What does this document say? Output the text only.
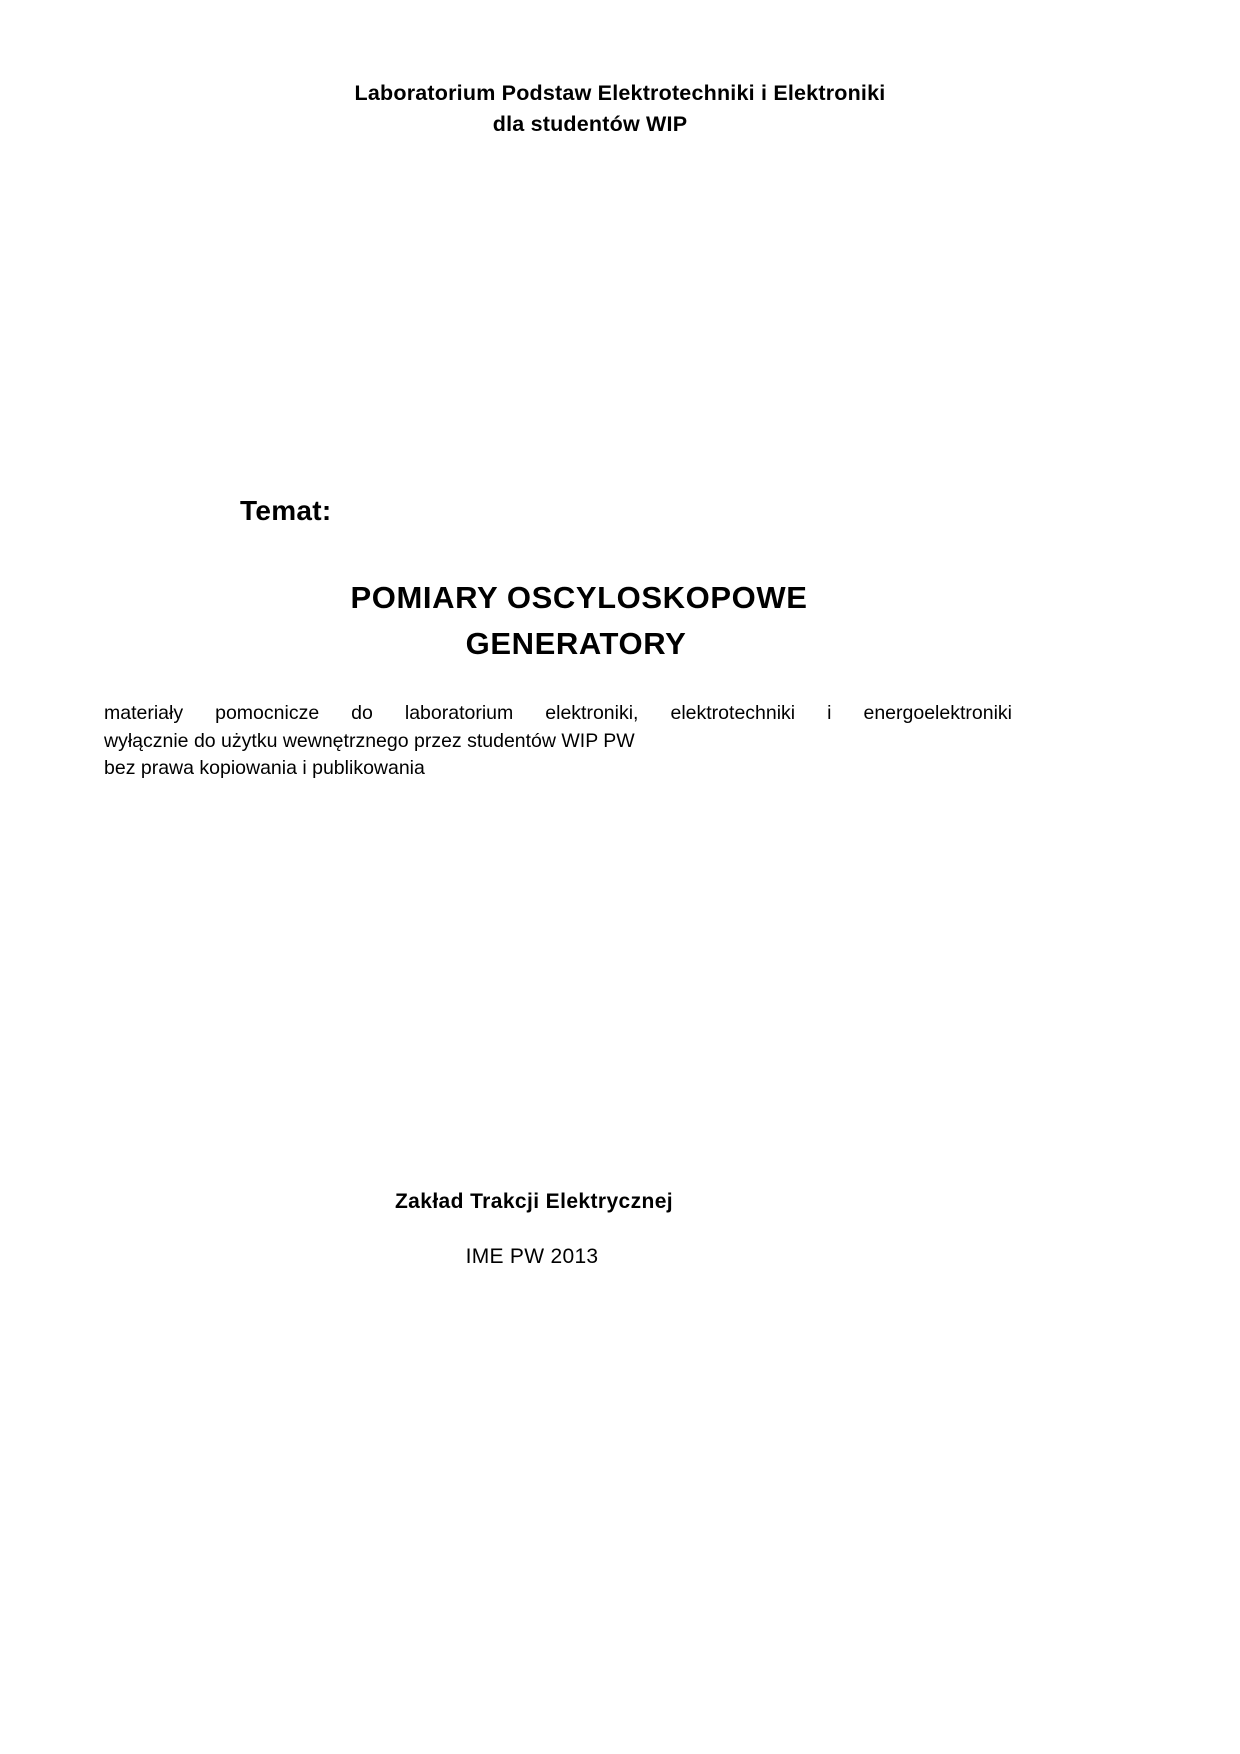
Laboratorium Podstaw Elektrotechniki i Elektroniki
dla studentów WIP
Temat:
POMIARY OSCYLOSKOPOWE
GENERATORY
materiały pomocnicze do laboratorium elektroniki, elektrotechniki i energoelektroniki
wyłącznie do użytku wewnętrznego przez studentów WIP PW
bez prawa kopiowania i publikowania
Zakład Trakcji Elektrycznej
IME PW 2013
